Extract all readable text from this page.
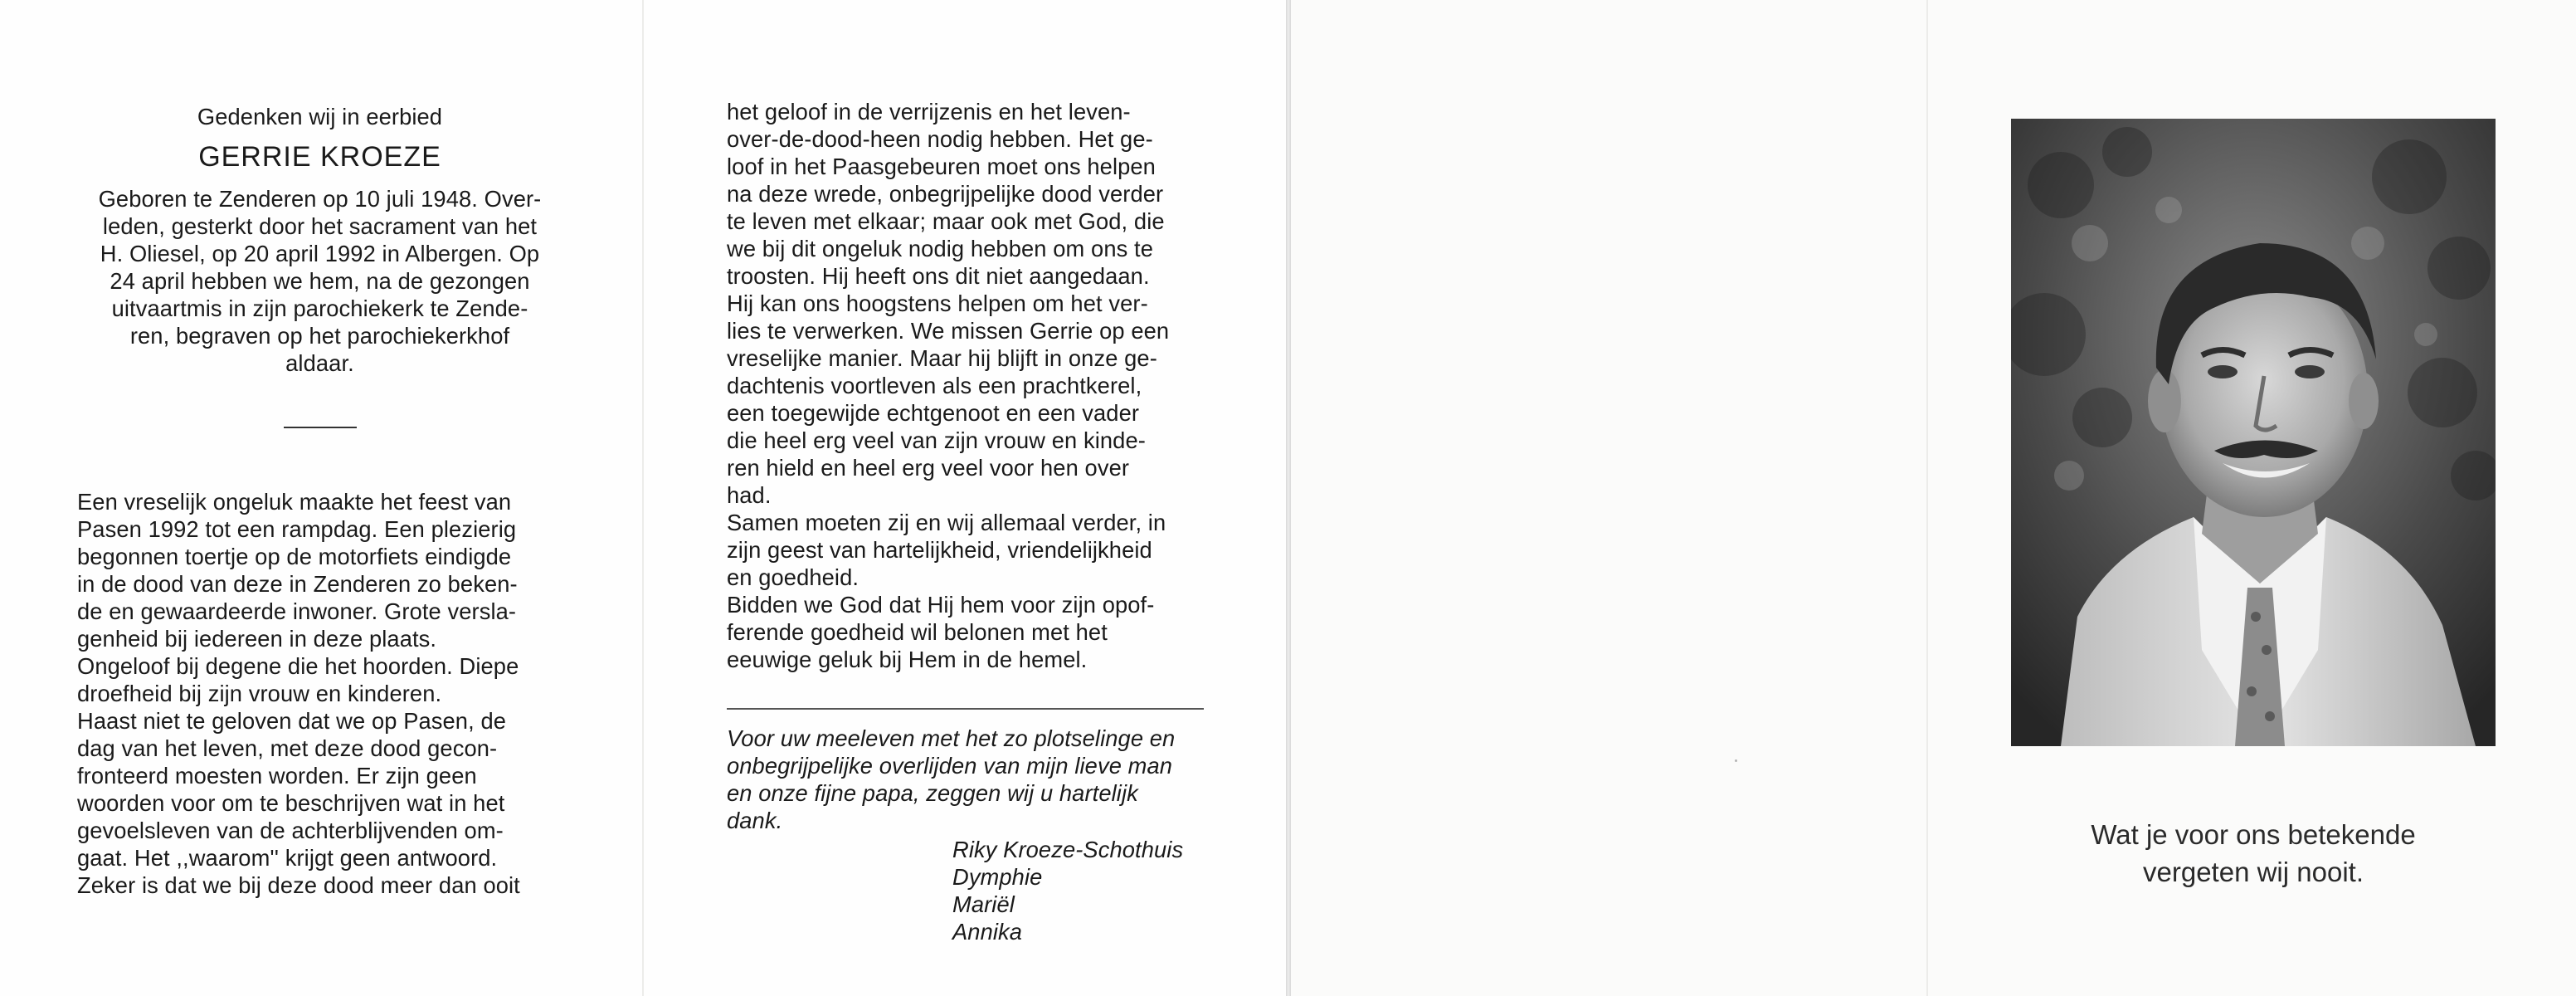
Gedenken wij in eerbied

GERRIE KROEZE

Geboren te Zenderen op 10 juli 1948. Over-
leden, gesterkt door het sacrament van het
H. Oliesel, op 20 april 1992 in Albergen. Op
24 april hebben we hem, na de gezongen
uitvaartmis in zijn parochiekerk te Zende-
ren, begraven op het parochiekerkhof
aldaar.

Een vreselijk ongeluk maakte het feest van
Pasen 1992 tot een rampdag. Een plezierig
begonnen toertje op de motorfiets eindigde
in de dood van deze in Zenderen zo beken-
de en gewaardeerde inwoner. Grote versla-
genheid bij iedereen in deze plaats.
Ongeloof bij degene die het hoorden. Diepe
droefheid bij zijn vrouw en kinderen.
Haast niet te geloven dat we op Pasen, de
dag van het leven, met deze dood gecon-
fronteerd moesten worden. Er zijn geen
woorden voor om te beschrijven wat in het
gevoelsleven van de achterblijvenden om-
gaat. Het ,,waarom'' krijgt geen antwoord.
Zeker is dat we bij deze dood meer dan ooit

het geloof in de verrijzenis en het leven-
over-de-dood-heen nodig hebben. Het ge-
loof in het Paasgebeuren moet ons helpen
na deze wrede, onbegrijpelijke dood verder
te leven met elkaar; maar ook met God, die
we bij dit ongeluk nodig hebben om ons te
troosten. Hij heeft ons dit niet aangedaan.
Hij kan ons hoogstens helpen om het ver-
lies te verwerken. We missen Gerrie op een
vreselijke manier. Maar hij blijft in onze ge-
dachtenis voortleven als een prachtkerel,
een toegewijde echtgenoot en een vader
die heel erg veel van zijn vrouw en kinde-
ren hield en heel erg veel voor hen over
had.
Samen moeten zij en wij allemaal verder, in
zijn geest van hartelijkheid, vriendelijkheid
en goedheid.
Bidden we God dat Hij hem voor zijn opof-
ferende goedheid wil belonen met het
eeuwige geluk bij Hem in de hemel.

Voor uw meeleven met het zo plotselinge en
onbegrijpelijke overlijden van mijn lieve man
en onze fijne papa, zeggen wij u hartelijk
dank.

Riky Kroeze-Schothuis
Dymphie
Mariël
Annika
Wat je voor ons betekende
vergeten wij nooit.
